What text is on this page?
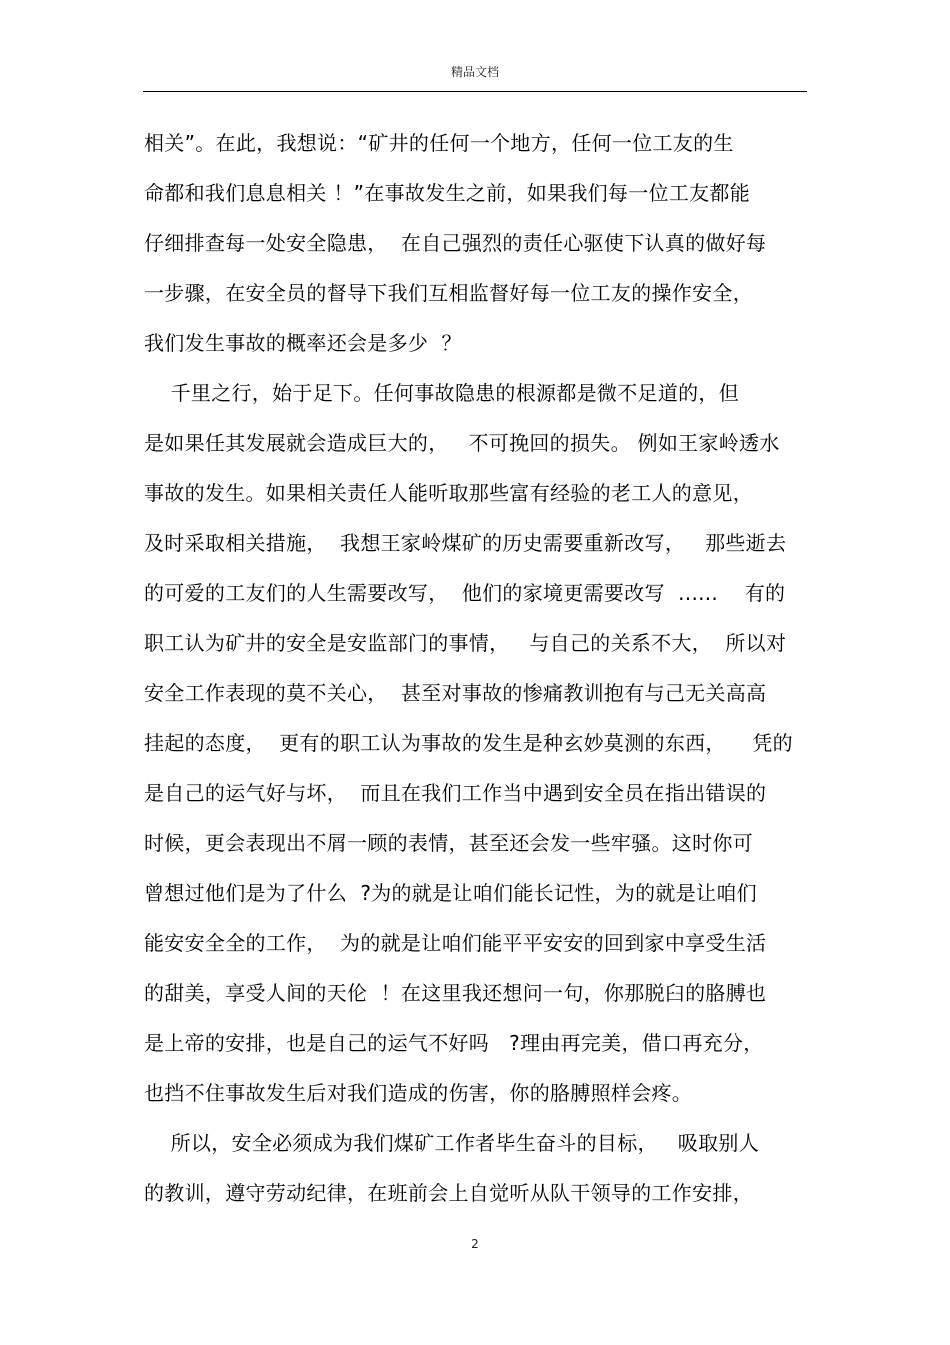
精品文档
相关”。在此，我想说：“矿井的任何一个地方，任何一位工友的生
命都和我们息息相关 ！”在事故发生之前，如果我们每一位工友都能
仔细排查每一处安全隐患，  在自己强烈的责任心驱使下认真的做好每
一步骤，在安全员的督导下我们互相监督好每一位工友的操作安全，
我们发生事故的概率还会是多少  ？
千里之行，始于足下。任何事故隐患的根源都是微不足道的，但
是如果任其发展就会造成巨大的，   不可挽回的损失。 例如王家岭透水
事故的发生。如果相关责任人能听取那些富有经验的老工人的意见，
及时采取相关措施，  我想王家岭煤矿的历史需要重新改写，   那些逝去
的可爱的工友们的人生需要改写，  他们的家境更需要改写  ......    有的
职工认为矿井的安全是安监部门的事情，   与自己的关系不大，  所以对
安全工作表现的莫不关心，  甚至对事故的惨痛教训抱有与己无关高高
挂起的态度，  更有的职工认为事故的发生是种玄妙莫测的东西，    凭的
是自己的运气好与坏，  而且在我们工作当中遇到安全员在指出错误的
时候，更会表现出不屑一顾的表情，甚至还会发一些牢骚。这时你可
曾想过他们是为了什么  ?为的就是让咱们能长记性，为的就是让咱们
能安安全全的工作，  为的就是让咱们能平平安安的回到家中享受生活
的甜美，享受人间的天伦  ！在这里我还想问一句，你那脱臼的胳膊也
是上帝的安排，也是自己的运气不好吗   ?理由再完美，借口再充分，
也挡不住事故发生后对我们造成的伤害，你的胳膊照样会疼。
所以，安全必须成为我们煤矿工作者毕生奋斗的目标，   吸取别人
的教训，遵守劳动纪律，在班前会上自觉听从队干领导的工作安排，
2
